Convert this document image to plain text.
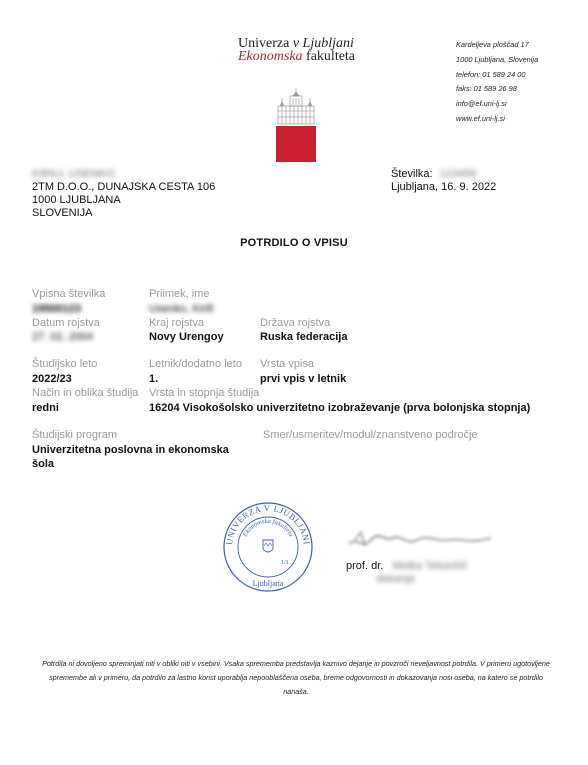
Univerza v Ljubljani
Ekonomska fakulteta
Kardeljeva ploščad 17
1000 Ljubljana, Slovenija
telefon: 01 589 24 00
faks: 01 589 26 98
info@ef.uni-lj.si
www.ef.uni-lj.si
KIRILL USENKO
2TM D.O.O., DUNAJSKA CESTA 106
1000 LJUBLJANA
SLOVENIJA
Številka: 123456
Ljubljana, 16. 9. 2022
POTRDILO O VPISU
Vpisna številka
19500123
Priimek, ime
Usenko, Kirill
Datum rojstva
27. 02. 2004
Kraj rojstva
Novy Urengoy
Država rojstva
Ruska federacija
Študijsko leto
2022/23
Letnik/dodatno leto
1.
Vrsta vpisa
prvi vpis v letnik
Način in oblika študija
redni
Vrsta in stopnja študija
16204 Visokošolsko univerzitetno izobraževanje (prva bolonjska stopnja)
Študijski program
Univerzitetna poslovna in ekonomska
šola
Smer/usmeritev/modul/znanstveno področje
UNIVERZA V LJUBLJANI
Ekonomska fakulteta
1/1
Ljubljana
prof. dr. Metka Tekavčič
dekanja
Potrdila ni dovoljeno spreminjati niti v obliki niti v vsebini. Vsaka sprememba predstavlja kaznivo dejanje in povzroči neveljavnost potrdila. V primeru ugotovljene spremembe ali v primeru, da potrdilo za lastno korist uporablja nepooblaščena oseba, breme odgovornosti in dokazovanja nosi oseba, na katero se potrdilo nanaša.
